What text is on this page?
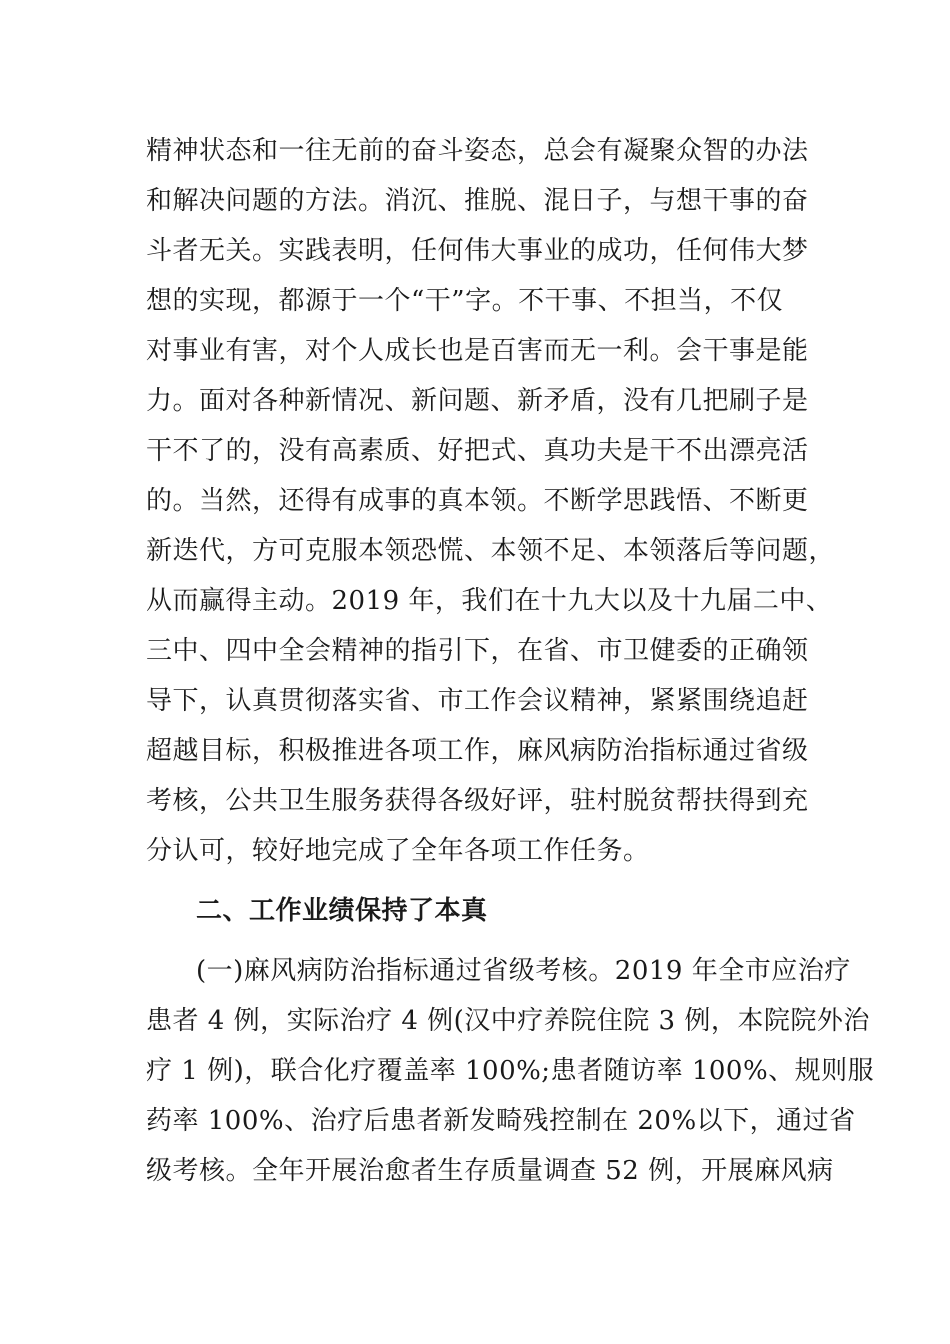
精神状态和一往无前的奋斗姿态，总会有凝聚众智的办法
和解决问题的方法。消沉、推脱、混日子，与想干事的奋
斗者无关。实践表明，任何伟大事业的成功，任何伟大梦
想的实现，都源于一个“干”字。不干事、不担当，不仅
对事业有害，对个人成长也是百害而无一利。会干事是能
力。面对各种新情况、新问题、新矛盾，没有几把刷子是
干不了的，没有高素质、好把式、真功夫是干不出漂亮活
的。当然，还得有成事的真本领。不断学思践悟、不断更
新迭代，方可克服本领恐慌、本领不足、本领落后等问题，
从而赢得主动。2019 年，我们在十九大以及十九届二中、
三中、四中全会精神的指引下，在省、市卫健委的正确领
导下，认真贯彻落实省、市工作会议精神，紧紧围绕追赶
超越目标，积极推进各项工作，麻风病防治指标通过省级
考核，公共卫生服务获得各级好评，驻村脱贫帮扶得到充
分认可，较好地完成了全年各项工作任务。
二、工作业绩保持了本真
(一)麻风病防治指标通过省级考核。2019 年全市应治疗
患者 4 例，实际治疗 4 例(汉中疗养院住院 3 例，本院院外治
疗 1 例)，联合化疗覆盖率 100%;患者随访率 100%、规则服
药率 100%、治疗后患者新发畸残控制在 20%以下，通过省
级考核。全年开展治愈者生存质量调查 52 例，开展麻风病
